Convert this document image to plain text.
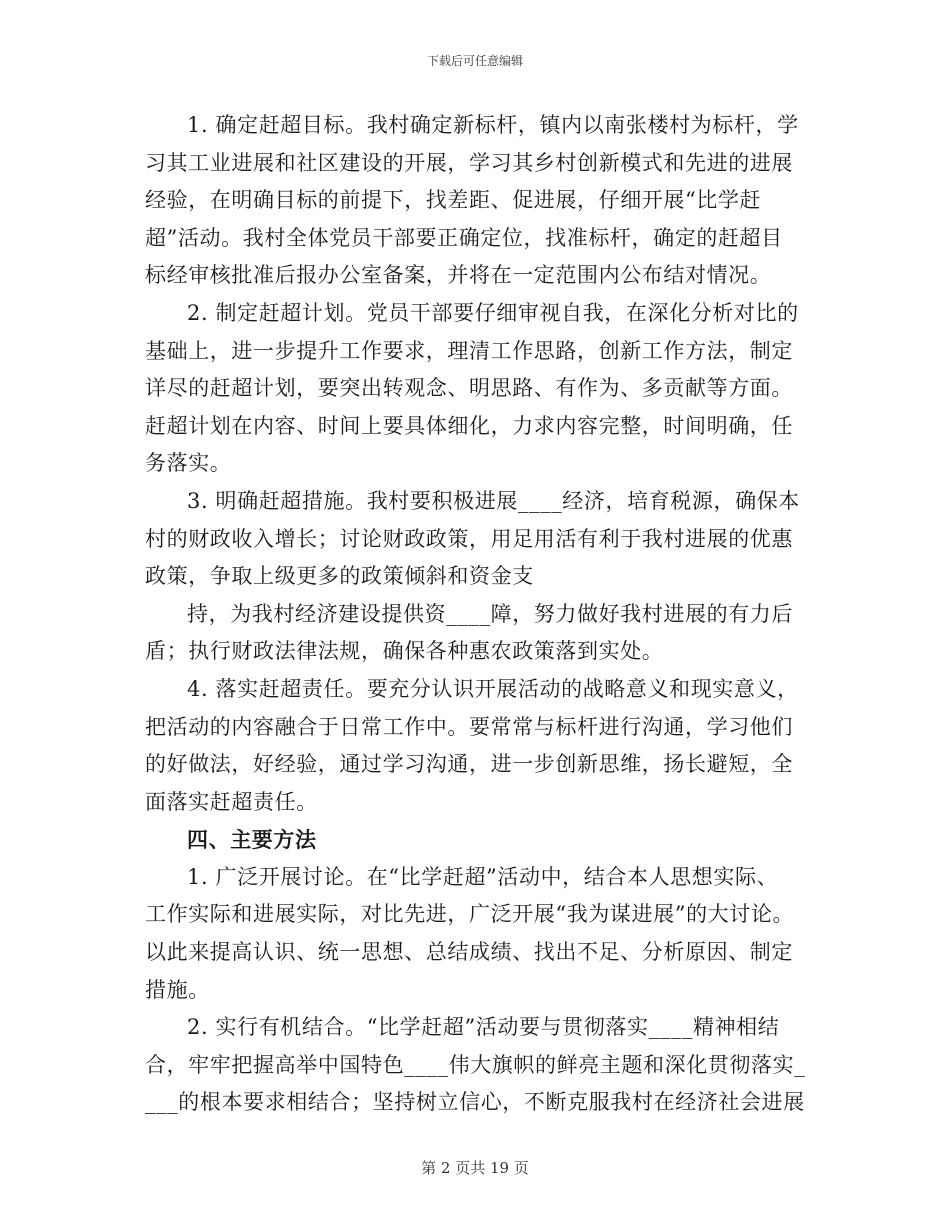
下载后可任意编辑
1. 确定赶超目标。我村确定新标杆，镇内以南张楼村为标杆，学
习其工业进展和社区建设的开展，学习其乡村创新模式和先进的进展
经验，在明确目标的前提下，找差距、促进展，仔细开展“比学赶
超”活动。我村全体党员干部要正确定位，找准标杆，确定的赶超目
标经审核批准后报办公室备案，并将在一定范围内公布结对情况。
2. 制定赶超计划。党员干部要仔细审视自我，在深化分析对比的
基础上，进一步提升工作要求，理清工作思路，创新工作方法，制定
详尽的赶超计划，要突出转观念、明思路、有作为、多贡献等方面。
赶超计划在内容、时间上要具体细化，力求内容完整，时间明确，任
务落实。
3. 明确赶超措施。我村要积极进展____经济，培育税源，确保本
村的财政收入增长；讨论财政政策，用足用活有利于我村进展的优惠
政策，争取上级更多的政策倾斜和资金支
持，为我村经济建设提供资____障，努力做好我村进展的有力后
盾；执行财政法律法规，确保各种惠农政策落到实处。
4. 落实赶超责任。要充分认识开展活动的战略意义和现实意义，
把活动的内容融合于日常工作中。要常常与标杆进行沟通，学习他们
的好做法，好经验，通过学习沟通，进一步创新思维，扬长避短，全
面落实赶超责任。
四、主要方法
1. 广泛开展讨论。在“比学赶超”活动中，结合本人思想实际、
工作实际和进展实际，对比先进，广泛开展“我为谋进展”的大讨论。
以此来提高认识、统一思想、总结成绩、找出不足、分析原因、制定
措施。
2. 实行有机结合。“比学赶超”活动要与贯彻落实____精神相结
合，牢牢把握高举中国特色____伟大旗帜的鲜亮主题和深化贯彻落实_
___的根本要求相结合；坚持树立信心，不断克服我村在经济社会进展
第 2 页共 19 页
